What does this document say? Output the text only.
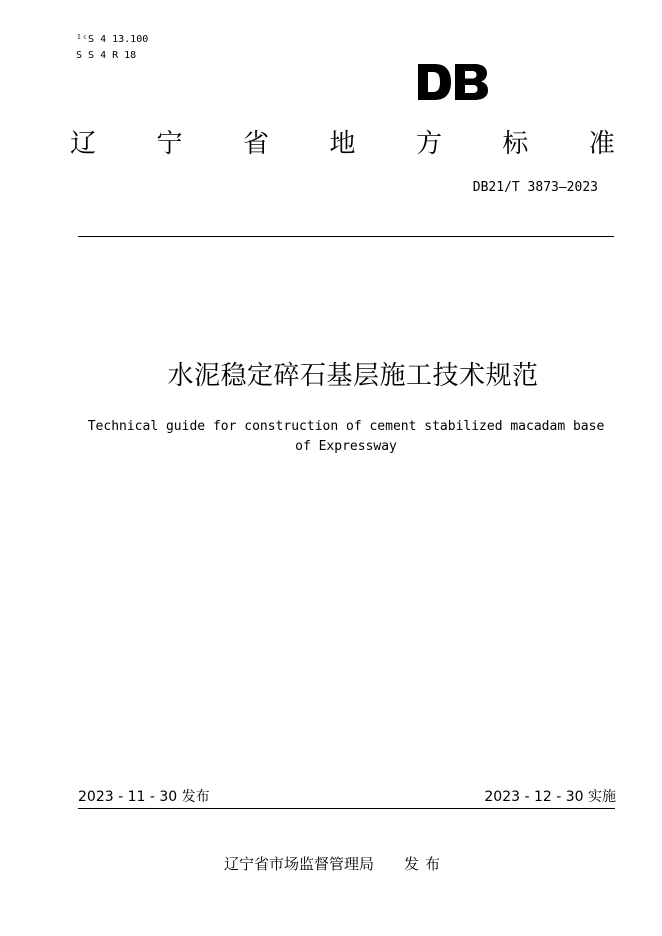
ᴵᶜS 4 13.100
S S 4 R 18
辽 宁 省 地 方 标 准
DB21/T 3873—2023
水泥稳定碎石基层施工技术规范
Technical guide for construction of cement stabilized macadam base of Expressway
2023 - 11 - 30 发布	2023 - 12 - 30 实施
辽宁省市场监督管理局 发布
